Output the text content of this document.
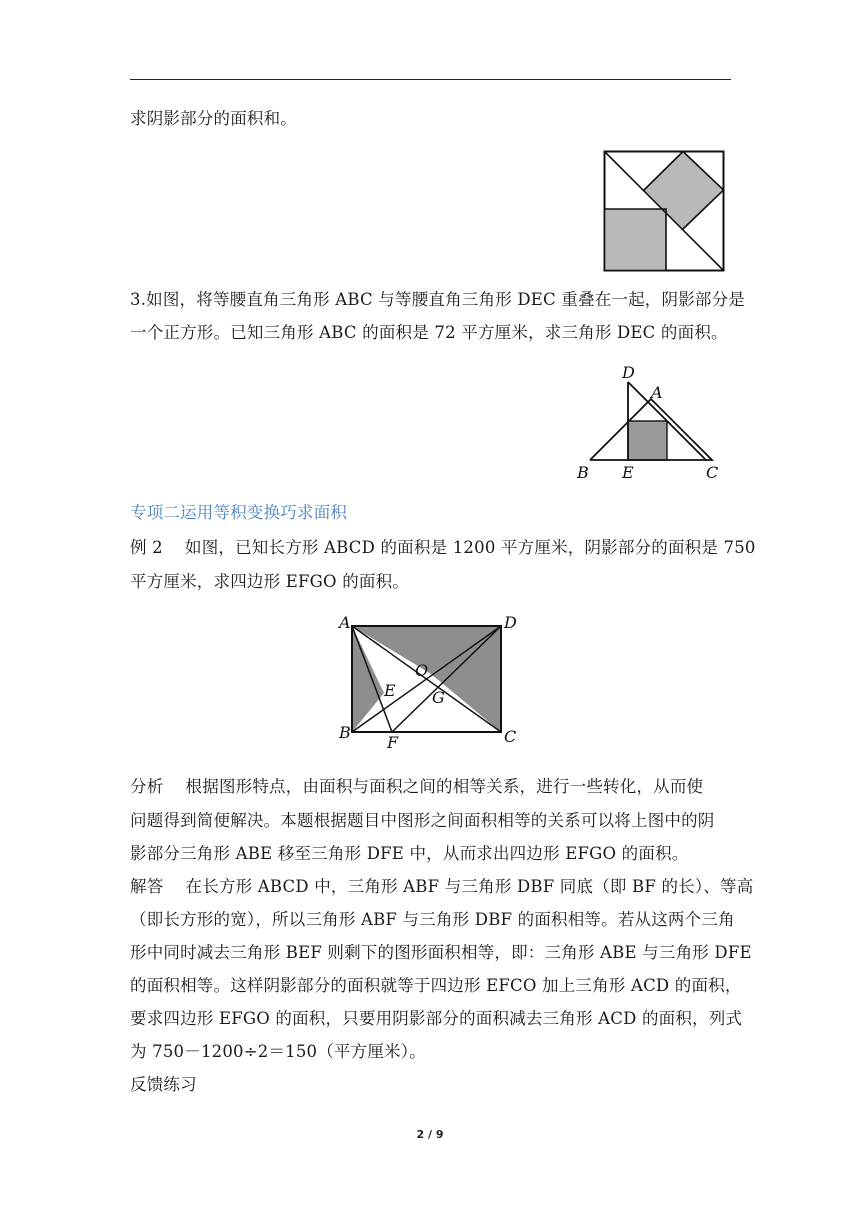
求阴影部分的面积和。

3.如图，将等腰直角三角形 ABC 与等腰直角三角形 DEC 重叠在一起，阴影部分是

一个正方形。已知三角形 ABC 的面积是 72 平方厘米，求三角形 DEC 的面积。

D
A
B E	C

专项二运用等积变换巧求面积

例 2　 如图，已知长方形 ABCD 的面积是 1200 平方厘米，阴影部分的面积是 750

平方厘米，求四边形 EFGO 的面积。

A	D
B	C
F
E
O
G

分析　 根据图形特点，由面积与面积之间的相等关系，进行一些转化，从而使

问题得到简便解决。本题根据题目中图形之间面积相等的关系可以将上图中的阴

影部分三角形 ABE 移至三角形 DFE 中，从而求出四边形 EFGO 的面积。

解答　 在长方形 ABCD 中，三角形 ABF 与三角形 DBF 同底（即 BF 的长）、等高

（即长方形的宽），所以三角形 ABF 与三角形 DBF 的面积相等。若从这两个三角

形中同时减去三角形 BEF 则剩下的图形面积相等，即：三角形 ABE 与三角形 DFE

的面积相等。这样阴影部分的面积就等于四边形 EFCO 加上三角形 ACD 的面积，

要求四边形 EFGO 的面积，只要用阴影部分的面积减去三角形 ACD 的面积，列式

为 750－1200÷2＝150（平方厘米）。

反馈练习

2 / 9
